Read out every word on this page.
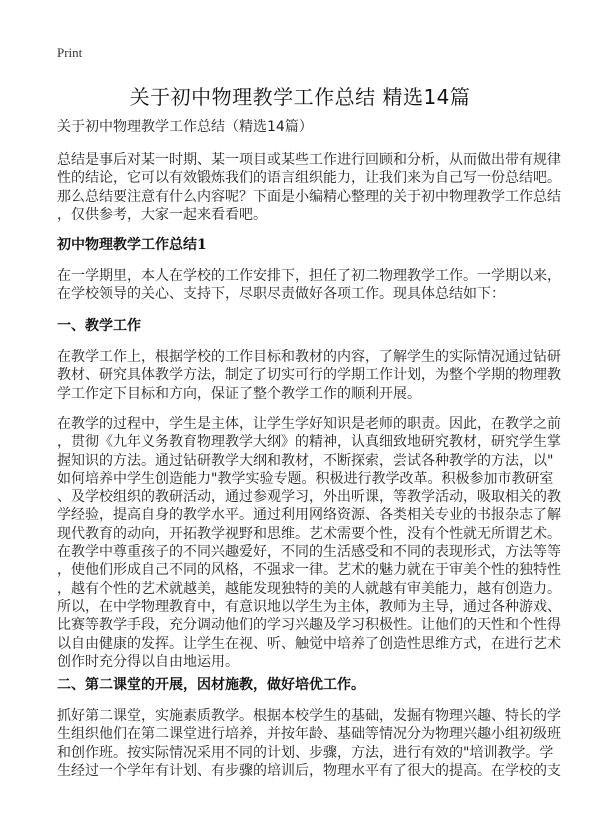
Print
关于初中物理教学工作总结 精选14篇

关于初中物理教学工作总结（精选14篇）

总结是事后对某一时期、某一项目或某些工作进行回顾和分析，从而做出带有规律
性的结论，它可以有效锻炼我们的语言组织能力，让我们来为自己写一份总结吧。
那么总结要注意有什么内容呢？下面是小编精心整理的关于初中物理教学工作总结
，仅供参考，大家一起来看看吧。
初中物理教学工作总结1
在一学期里，本人在学校的工作安排下，担任了初二物理教学工作。一学期以来，
在学校领导的关心、支持下，尽职尽责做好各项工作。现具体总结如下：
一、教学工作
在教学工作上，根据学校的工作目标和教材的内容，了解学生的实际情况通过钻研
教材、研究具体教学方法，制定了切实可行的学期工作计划，为整个学期的物理教
学工作定下目标和方向，保证了整个教学工作的顺利开展。
在教学的过程中，学生是主体，让学生学好知识是老师的职责。因此，在教学之前
，贯彻《九年义务教育物理教学大纲》的精神，认真细致地研究教材，研究学生掌
握知识的方法。通过钻研教学大纲和教材，不断探索，尝试各种教学的方法，以"
如何培养中学生创造能力"教学实验专题。积极进行教学改革。积极参加市教研室
、及学校组织的教研活动，通过参观学习，外出听课，等教学活动，吸取相关的教
学经验，提高自身的教学水平。通过利用网络资源、各类相关专业的书报杂志了解
现代教育的动向，开拓教学视野和思维。艺术需要个性，没有个性就无所谓艺术。
在教学中尊重孩子的不同兴趣爱好，不同的生活感受和不同的表现形式，方法等等
，使他们形成自己不同的风格，不强求一律。艺术的魅力就在于审美个性的独特性
，越有个性的艺术就越美，越能发现独特的美的人就越有审美能力，越有创造力。
所以，在中学物理教育中，有意识地以学生为主体，教师为主导，通过各种游戏、
比赛等教学手段，充分调动他们的学习兴趣及学习积极性。让他们的天性和个性得
以自由健康的发挥。让学生在视、听、触觉中培养了创造性思维方式，在进行艺术
创作时充分得以自由地运用。
二、第二课堂的开展，因材施教，做好培优工作。
抓好第二课堂，实施素质教学。根据本校学生的基础，发掘有物理兴趣、特长的学
生组织他们在第二课堂进行培养，并按年龄、基础等情况分为物理兴趣小组初级班
和创作班。按实际情况采用不同的计划、步骤，方法，进行有效的"培训教学。学
生经过一个学年有计划、有步骤的培训后，物理水平有了很大的提高。在学校的支
